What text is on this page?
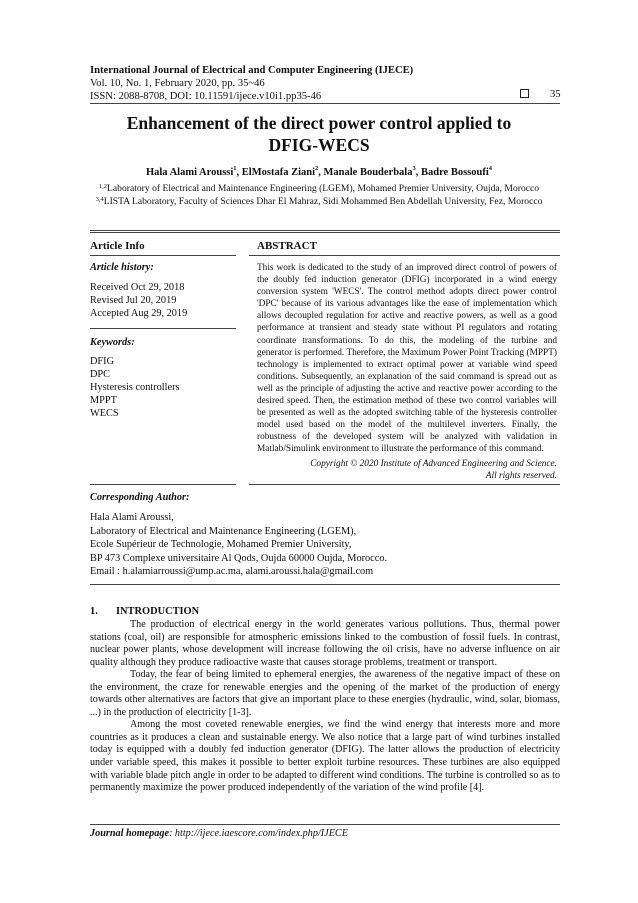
International Journal of Electrical and Computer Engineering (IJECE)
Vol. 10, No. 1, February 2020, pp. 35~46
ISSN: 2088-8708, DOI: 10.11591/ijece.v10i1.pp35-46	35
Enhancement of the direct power control applied to
DFIG-WECS
Hala Alami Aroussi$^1$, ElMostafa Ziani$^2$, Manale Bouderbala$^3$, Badre Bossoufi$^4$
$^{1,2}$Laboratory of Electrical and Maintenance Engineering (LGEM), Mohamed Premier University, Oujda, Morocco
$^{3,4}$LISTA Laboratory, Faculty of Sciences Dhar El Mahraz, Sidi Mohammed Ben Abdellah University, Fez, Morocco
Article Info
Article history:
Received Oct 29, 2018
Revised Jul 20, 2019
Accepted Aug 29, 2019
Keywords:
DFIG
DPC
Hysteresis controllers
MPPT
WECS
ABSTRACT
This work is dedicated to the study of an improved direct control of powers of the doubly fed induction generator (DFIG) incorporated in a wind energy conversion system 'WECS'. The control method adopts direct power control 'DPC' because of its various advantages like the ease of implementation which allows decoupled regulation for active and reactive powers, as well as a good performance at transient and steady state without PI regulators and rotating coordinate transformations. To do this, the modeling of the turbine and generator is performed. Therefore, the Maximum Power Point Tracking (MPPT) technology is implemented to extract optimal power at variable wind speed conditions. Subsequently, an explanation of the said command is spread out as well as the principle of adjusting the active and reactive power according to the desired speed. Then, the estimation method of these two control variables will be presented as well as the adopted switching table of the hysteresis controller model used based on the model of the multilevel inverters. Finally, the robustness of the developed system will be analyzed with validation in Matlab/Simulink environment to illustrate the performance of this command.
Copyright © 2020 Institute of Advanced Engineering and Science.
All rights reserved.
Corresponding Author:
Hala Alami Aroussi,
Laboratory of Electrical and Maintenance Engineering (LGEM),
Ecole Supérieur de Technologie, Mohamed Premier University,
BP 473 Complexe universitaire Al Qods, Oujda 60000 Oujda, Morocco.
Email : h.alamiarroussi@ump.ac.ma, alami.aroussi.hala@gmail.com
1. INTRODUCTION

The production of electrical energy in the world generates various pollutions. Thus, thermal power stations (coal, oil) are responsible for atmospheric emissions linked to the combustion of fossil fuels. In contrast, nuclear power plants, whose development will increase following the oil crisis, have no adverse influence on air quality although they produce radioactive waste that causes storage problems, treatment or transport.

Today, the fear of being limited to ephemeral energies, the awareness of the negative impact of these on the environment, the craze for renewable energies and the opening of the market of the production of energy towards other alternatives are factors that give an important place to these energies (hydraulic, wind, solar, biomass, ...) in the production of electricity [1-3].

Among the most coveted renewable energies, we find the wind energy that interests more and more countries as it produces a clean and sustainable energy. We also notice that a large part of wind turbines installed today is equipped with a doubly fed induction generator (DFIG). The latter allows the production of electricity under variable speed, this makes it possible to better exploit turbine resources. These turbines are also equipped with variable blade pitch angle in order to be adapted to different wind conditions. The turbine is controlled so as to permanently maximize the power produced independently of the variation of the wind profile [4].

Journal homepage: http://ijece.iaescore.com/index.php/IJECE
